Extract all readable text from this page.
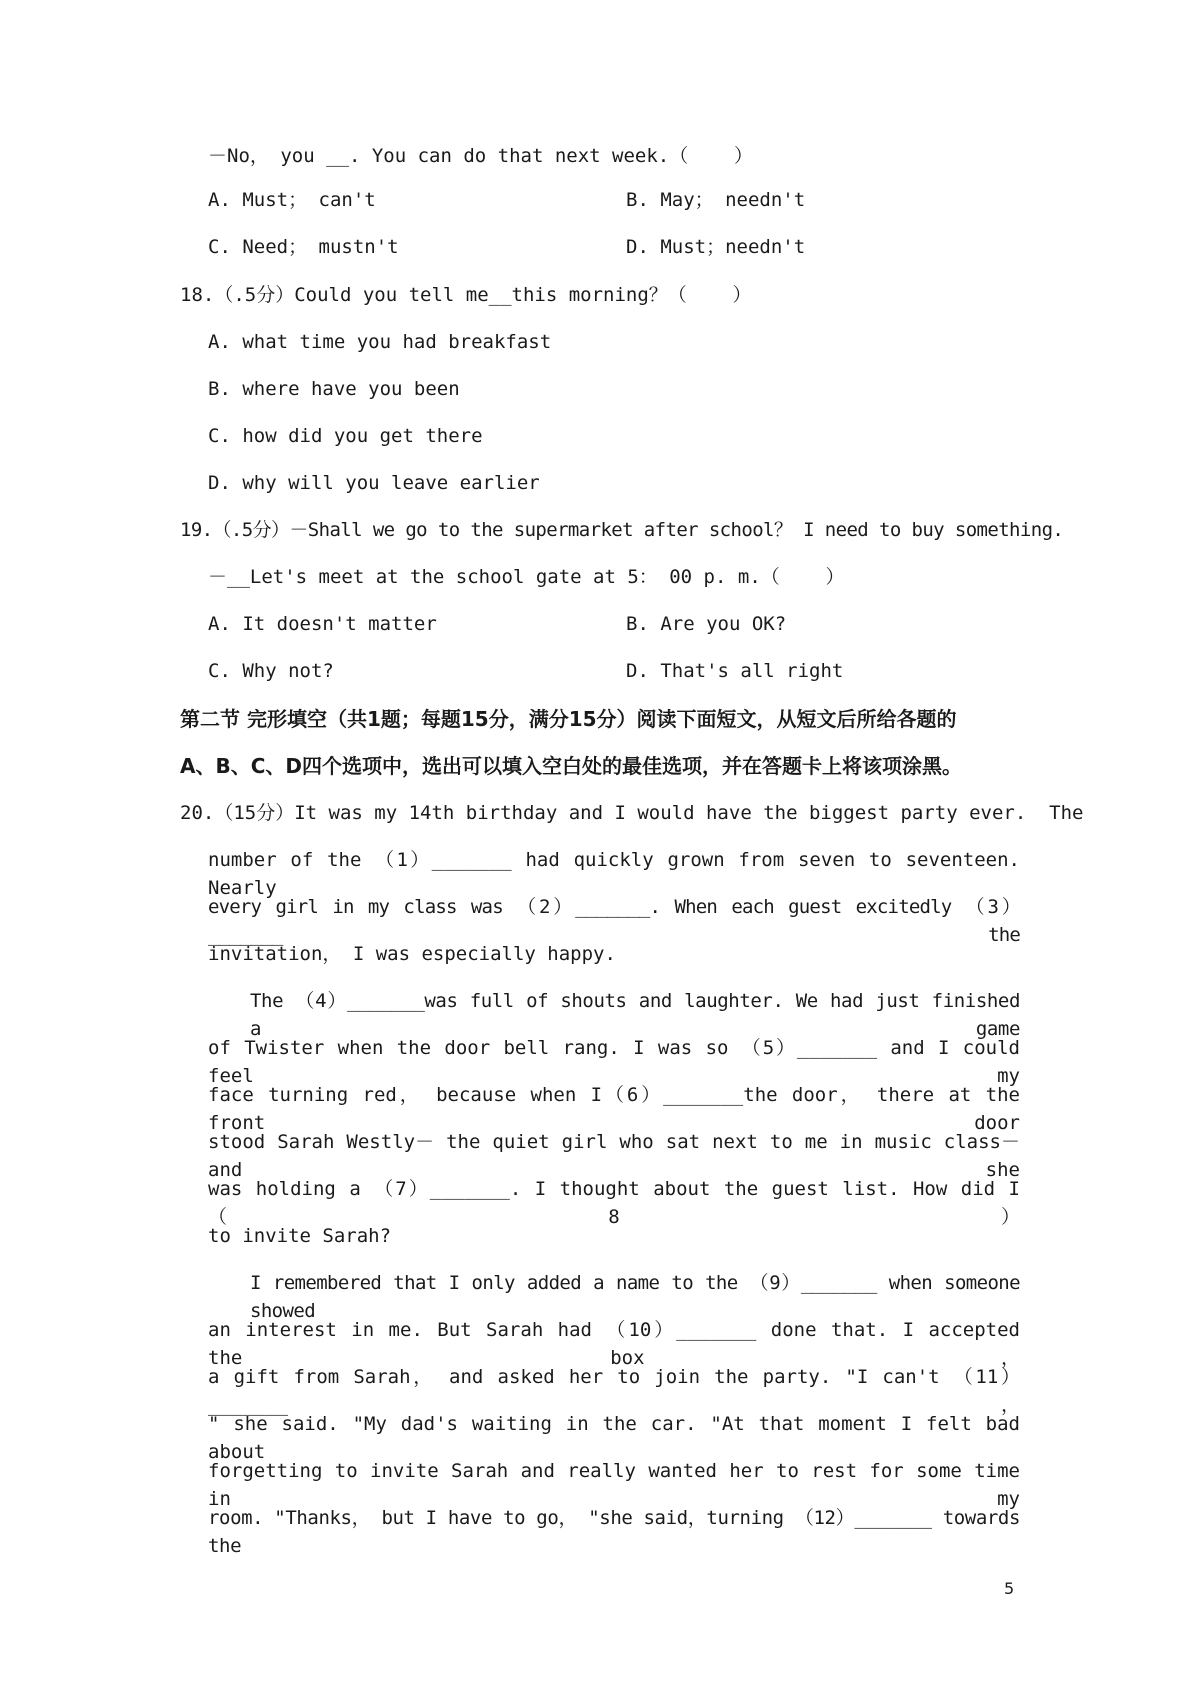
－No， you __. You can do that next week.（    ）
A. Must； can't	B. May； needn't
C. Need； mustn't	D. Must；needn't
18.（.5分）Could you tell me__this morning？（    ）
A. what time you had breakfast
B. where have you been
C. how did you get there
D. why will you leave earlier
19.（.5分）－Shall we go to the supermarket after school？ I need to buy something.
－__Let's meet at the school gate at 5： 00 p. m.（    ）
A. It doesn't matter	B. Are you OK?
C. Why not?	D. That's all right
第二节 完形填空（共1题；每题15分，满分15分）阅读下面短文，从短文后所给各题的
A、B、C、D四个选项中，选出可以填入空白处的最佳选项，并在答题卡上将该项涂黑。
20.（15分）It was my 14th birthday and I would have the biggest party ever.  The
number of the （1）_______ had quickly grown from seven to seventeen. Nearly
every girl in my class was （2）_______. When each guest excitedly （3）_______ the
invitation， I was especially happy.
The （4）_______was full of shouts and laughter. We had just finished a game
of Twister when the door bell rang. I was so （5）_______ and I could feel my
face turning red， because when I（6）_______the door， there at the front door
stood Sarah Westly－ the quiet girl who sat next to me in music class－and she
was holding a （7）_______. I thought about the guest list. How did I （8）
to invite Sarah?
I remembered that I only added a name to the （9）_______ when someone showed
an interest in me. But Sarah had （10）_______ done that. I accepted the box，
a gift from Sarah， and asked her to join the party. "I can't （11）_______，
" she said. "My dad's waiting in the car. "At that moment I felt bad about
forgetting to invite Sarah and really wanted her to rest for some time in my
room. "Thanks， but I have to go， "she said，turning （12）_______ towards the
5
